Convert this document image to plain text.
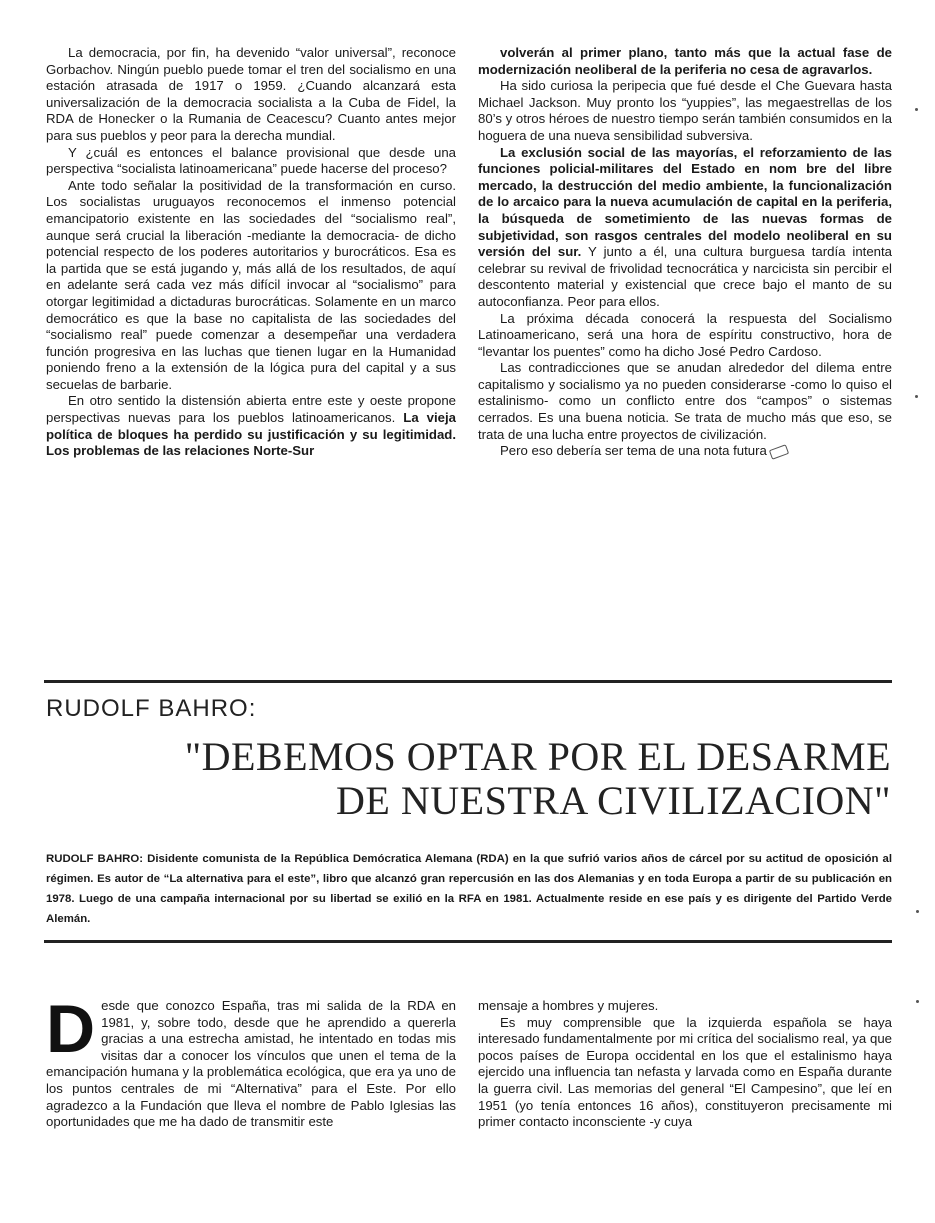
La democracia, por fin, ha devenido “valor universal”, reconoce Gorbachov. Ningún pueblo puede tomar el tren del socialismo en una estación atrasada de 1917 o 1959. ¿Cuando alcanzará esta universalización de la democracia socialista a la Cuba de Fidel, la RDA de Honecker o la Rumania de Ceacescu? Cuanto antes mejor para sus pueblos y peor para la derecha mundial.

Y ¿cuál es entonces el balance provisional que desde una perspectiva “socialista latinoamericana” puede hacerse del proceso?

Ante todo señalar la positividad de la transformación en curso. Los socialistas uruguayos reconocemos el inmenso potencial emancipatorio existente en las sociedades del “socialismo real”, aunque será crucial la liberación -mediante la democracia- de dicho potencial respecto de los poderes autoritarios y burocráticos. Esa es la partida que se está jugando y, más allá de los resultados, de aquí en adelante será cada vez más difícil invocar al “socialismo” para otorgar legitimidad a dictaduras burocráticas. Solamente en un marco democrático es que la base no capitalista de las sociedades del “socialismo real” puede comenzar a desempeñar una verdadera función progresiva en las luchas que tienen lugar en la Humanidad poniendo freno a la extensión de la lógica pura del capital y a sus secuelas de barbarie.

En otro sentido la distensión abierta entre este y oeste propone perspectivas nuevas para los pueblos latinoamericanos. La vieja política de bloques ha perdido su justificación y su legitimidad. Los problemas de las relaciones Norte-Sur

volverán al primer plano, tanto más que la actual fase de modernización neoliberal de la periferia no cesa de agravarlos.

Ha sido curiosa la peripecia que fué desde el Che Guevara hasta Michael Jackson. Muy pronto los “yuppies”, las megaestrellas de los 80’s y otros héroes de nuestro tiempo serán también consumidos en la hoguera de una nueva sensibilidad subversiva.

La exclusión social de las mayorías, el reforzamiento de las funciones policial-militares del Estado en nom bre del libre mercado, la destrucción del medio ambiente, la funcionalización de lo arcaico para la nueva acumulación de capital en la periferia, la búsqueda de sometimiento de las nuevas formas de subjetividad, son rasgos centrales del modelo neoliberal en su versión del sur. Y junto a él, una cultura burguesa tardía intenta celebrar su revival de frivolidad tecnocrática y narcicista sin percibir el descontento material y existencial que crece bajo el manto de su autoconfianza. Peor para ellos.

La próxima década conocerá la respuesta del Socialismo Latinoamericano, será una hora de espíritu constructivo, hora de “levantar los puentes” como ha dicho José Pedro Cardoso.

Las contradicciones que se anudan alrededor del dilema entre capitalismo y socialismo ya no pueden considerarse -como lo quiso el estalinismo- como un conflicto entre dos “campos” o sistemas cerrados. Es una buena noticia. Se trata de mucho más que eso, se trata de una lucha entre proyectos de civilización.

Pero eso debería ser tema de una nota futura

RUDOLF BAHRO:
"DEBEMOS OPTAR POR EL DESARME
DE NUESTRA CIVILIZACION"
RUDOLF BAHRO: Disidente comunista de la República Demócratica Alemana (RDA) en la que sufrió varios años de cárcel por su actitud de oposición al régimen. Es autor de “La alternativa para el este”, libro que alcanzó gran repercusión en las dos Alemanias y en toda Europa a partir de su publicación en 1978. Luego de una campaña internacional por su libertad se exilió en la RFA en 1981. Actualmente reside en ese país y es dirigente del Partido Verde Alemán.

Desde que conozco España, tras mi salida de la RDA en 1981, y, sobre todo, desde que he aprendido a quererla gracias a una estrecha amistad, he intentado en todas mis visitas dar a conocer los vínculos que unen el tema de la emancipación humana y la problemática ecológica, que era ya uno de los puntos centrales de mi “Alternativa” para el Este. Por ello agradezco a la Fundación que lleva el nombre de Pablo Iglesias las oportunidades que me ha dado de transmitir este

mensaje a hombres y mujeres.

Es muy comprensible que la izquierda española se haya interesado fundamentalmente por mi crítica del socialismo real, ya que pocos países de Europa occidental en los que el estalinismo haya ejercido una influencia tan nefasta y larvada como en España durante la guerra civil. Las memorias del general “El Campesino”, que leí en 1951 (yo tenía entonces 16 años), constituyeron precisamente mi primer contacto inconsciente -y cuya
